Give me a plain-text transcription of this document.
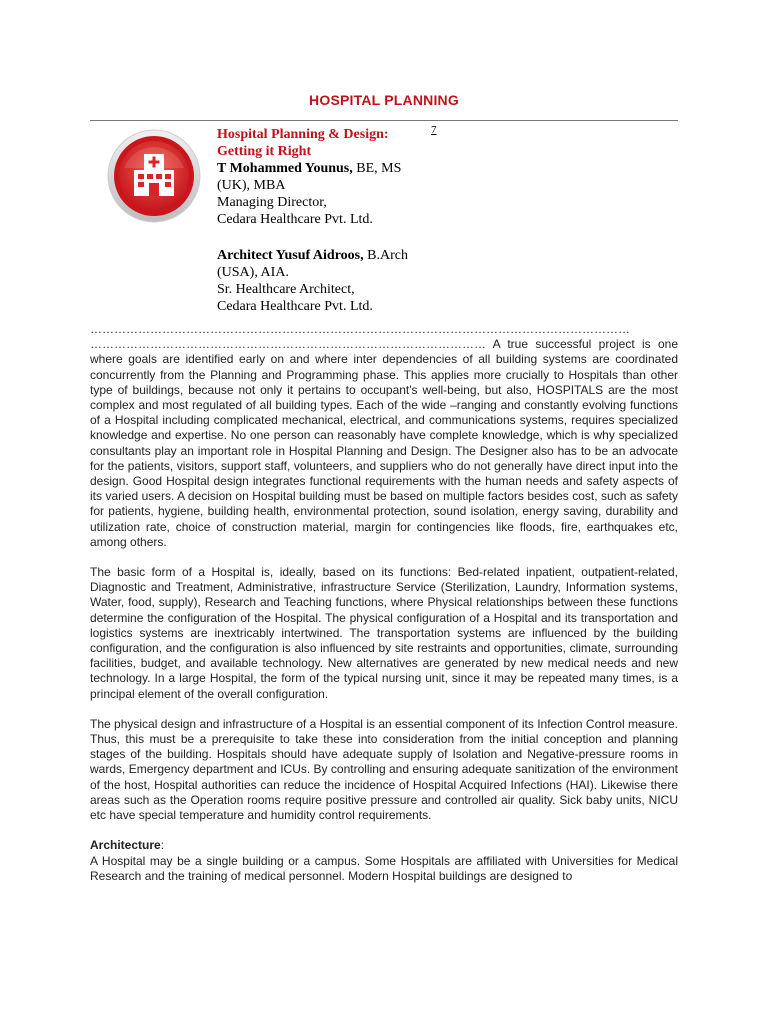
HOSPITAL PLANNING
7

Hospital Planning & Design:

Getting it Right

T Mohammed Younus, BE, MS

(UK), MBA

Managing Director,

Cedara Healthcare Pvt. Ltd.

Architect Yusuf Aidroos, B.Arch

(USA), AIA.

Sr. Healthcare Architect,

Cedara Healthcare Pvt. Ltd.

………………………………………………………………………………………………………………………

……………………………………………………………………………………… A true successful project is one where goals are identified early on and where inter dependencies of all building systems are coordinated concurrently from the Planning and Programming phase. This applies more crucially to Hospitals than other type of buildings, because not only it pertains to occupant's well-being, but also, HOSPITALS are the most complex and most regulated of all building types. Each of the wide –ranging and constantly evolving functions of a Hospital including complicated mechanical, electrical, and communications systems, requires specialized knowledge and expertise. No one person can reasonably have complete knowledge, which is why specialized consultants play an important role in Hospital Planning and Design. The Designer also has to be an advocate for the patients, visitors, support staff, volunteers, and suppliers who do not generally have direct input into the design. Good Hospital design integrates functional requirements with the human needs and safety aspects of its varied users. A decision on Hospital building must be based on multiple factors besides cost, such as safety for patients, hygiene, building health, environmental protection, sound isolation, energy saving, durability and utilization rate, choice of construction material, margin for contingencies like floods, fire, earthquakes etc, among others.

The basic form of a Hospital is, ideally, based on its functions: Bed-related inpatient, outpatient-related, Diagnostic and Treatment, Administrative, infrastructure Service (Sterilization, Laundry, Information systems, Water, food, supply), Research and Teaching functions, where Physical relationships between these functions determine the configuration of the Hospital. The physical configuration of a Hospital and its transportation and logistics systems are inextricably intertwined. The transportation systems are influenced by the building configuration, and the configuration is also influenced by site restraints and opportunities, climate, surrounding facilities, budget, and available technology. New alternatives are generated by new medical needs and new technology. In a large Hospital, the form of the typical nursing unit, since it may be repeated many times, is a principal element of the overall configuration.

The physical design and infrastructure of a Hospital is an essential component of its Infection Control measure. Thus, this must be a prerequisite to take these into consideration from the initial conception and planning stages of the building. Hospitals should have adequate supply of Isolation and Negative-pressure rooms in wards, Emergency department and ICUs. By controlling and ensuring adequate sanitization of the environment of the host, Hospital authorities can reduce the incidence of Hospital Acquired Infections (HAI). Likewise there areas such as the Operation rooms require positive pressure and controlled air quality. Sick baby units, NICU etc have special temperature and humidity control requirements.

Architecture:

A Hospital may be a single building or a campus. Some Hospitals are affiliated with Universities for Medical Research and the training of medical personnel. Modern Hospital buildings are designed to
